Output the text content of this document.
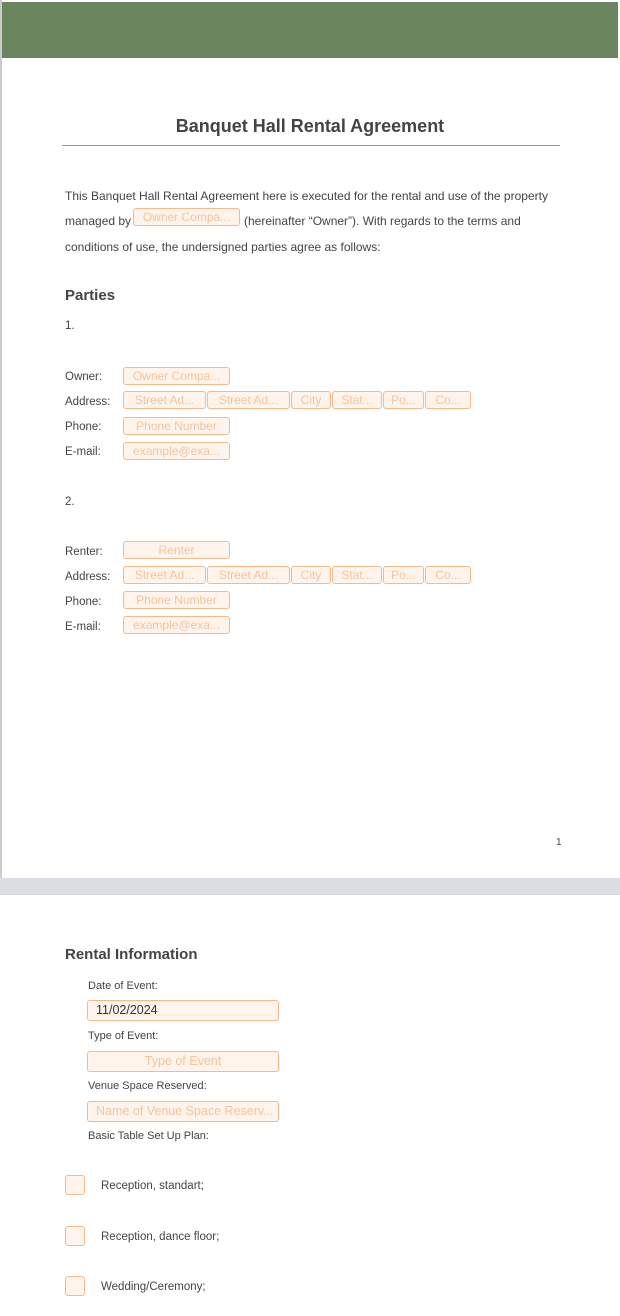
Banquet Hall Rental Agreement
This Banquet Hall Rental Agreement here is executed for the rental and use of the property
managed by Owner Compa...	(hereinafter “Owner”). With regards to the terms and
conditions of use, the undersigned parties agree as follows:
Parties
1.
Owner:	Owner Compa...
Address:	Street Ad...	Street Ad...	City	Stat...	Po...	Co...
Phone:	Phone Number
E-mail:	example@exa...
2.
Renter:	Renter
Address:	Street Ad...	Street Ad...	City	Stat...	Po...	Co...
Phone:	Phone Number
E-mail:	example@exa...
1
Rental Information
Date of Event:
11/02/2024
Type of Event:
Type of Event
Venue Space Reserved:
Name of Venue Space Reserv...
Basic Table Set Up Plan:
Reception, standart;
Reception, dance floor;
Wedding/Ceremony;
